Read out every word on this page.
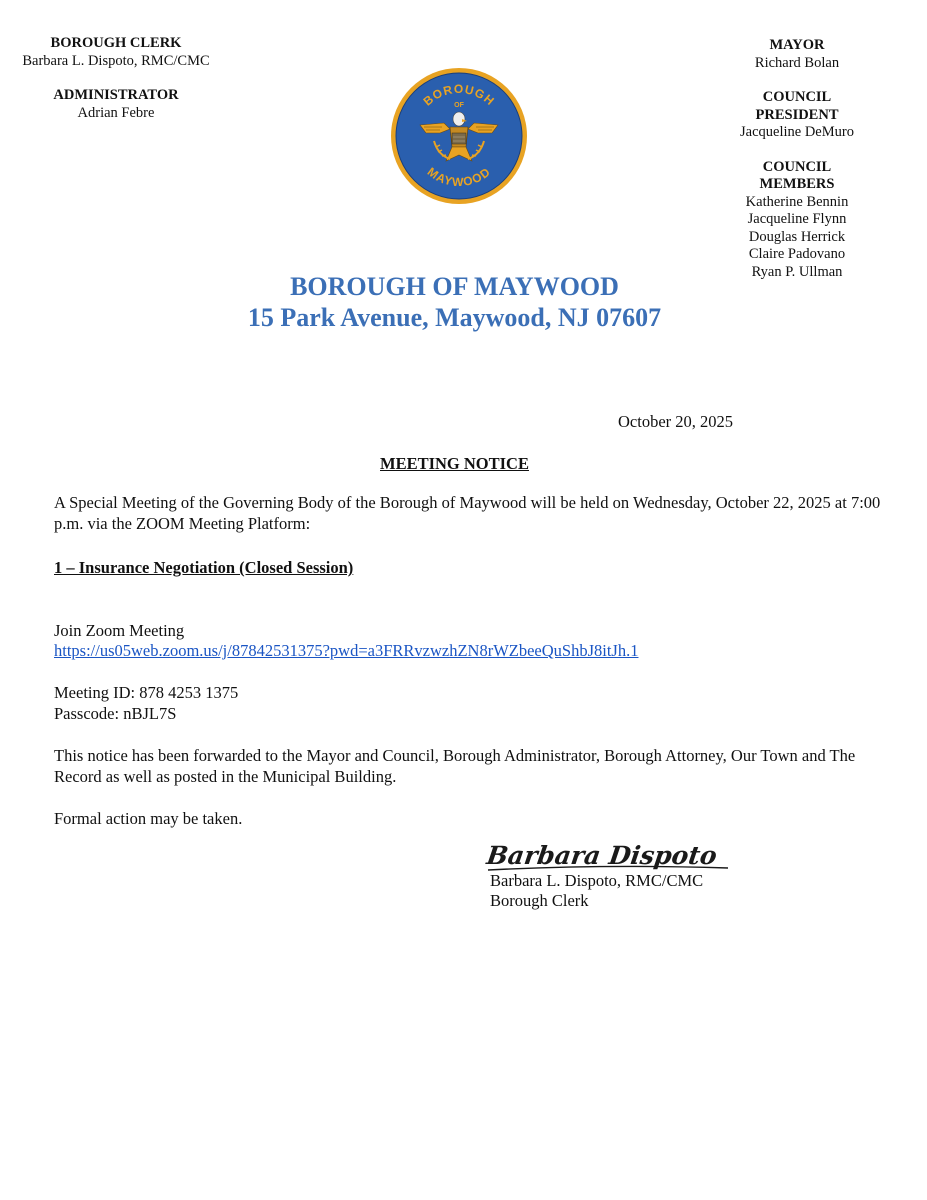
BOROUGH CLERK
Barbara L. Dispoto, RMC/CMC
ADMINISTRATOR
Adrian Febre
BOROUGH
OF
MAYWOOD
MAYOR
Richard Bolan
COUNCIL
PRESIDENT
Jacqueline DeMuro
COUNCIL
MEMBERS
Katherine Bennin
Jacqueline Flynn
Douglas Herrick
Claire Padovano
Ryan P. Ullman
BOROUGH OF MAYWOOD
15 Park Avenue, Maywood, NJ 07607
October 20, 2025
MEETING NOTICE
A Special Meeting of the Governing Body of the Borough of Maywood will be held on Wednesday, October 22, 2025 at 7:00 p.m. via the ZOOM Meeting Platform:
1 – Insurance Negotiation (Closed Session)
Join Zoom Meeting
https://us05web.zoom.us/j/87842531375?pwd=a3FRRvzwzhZN8rWZbeeQuShbJ8itJh.1
Meeting ID: 878 4253 1375
Passcode: nBJL7S
This notice has been forwarded to the Mayor and Council, Borough Administrator, Borough Attorney, Our Town and The Record as well as posted in the Municipal Building.
Formal action may be taken.
Barbara Dispoto
Barbara L. Dispoto, RMC/CMC
Borough Clerk
